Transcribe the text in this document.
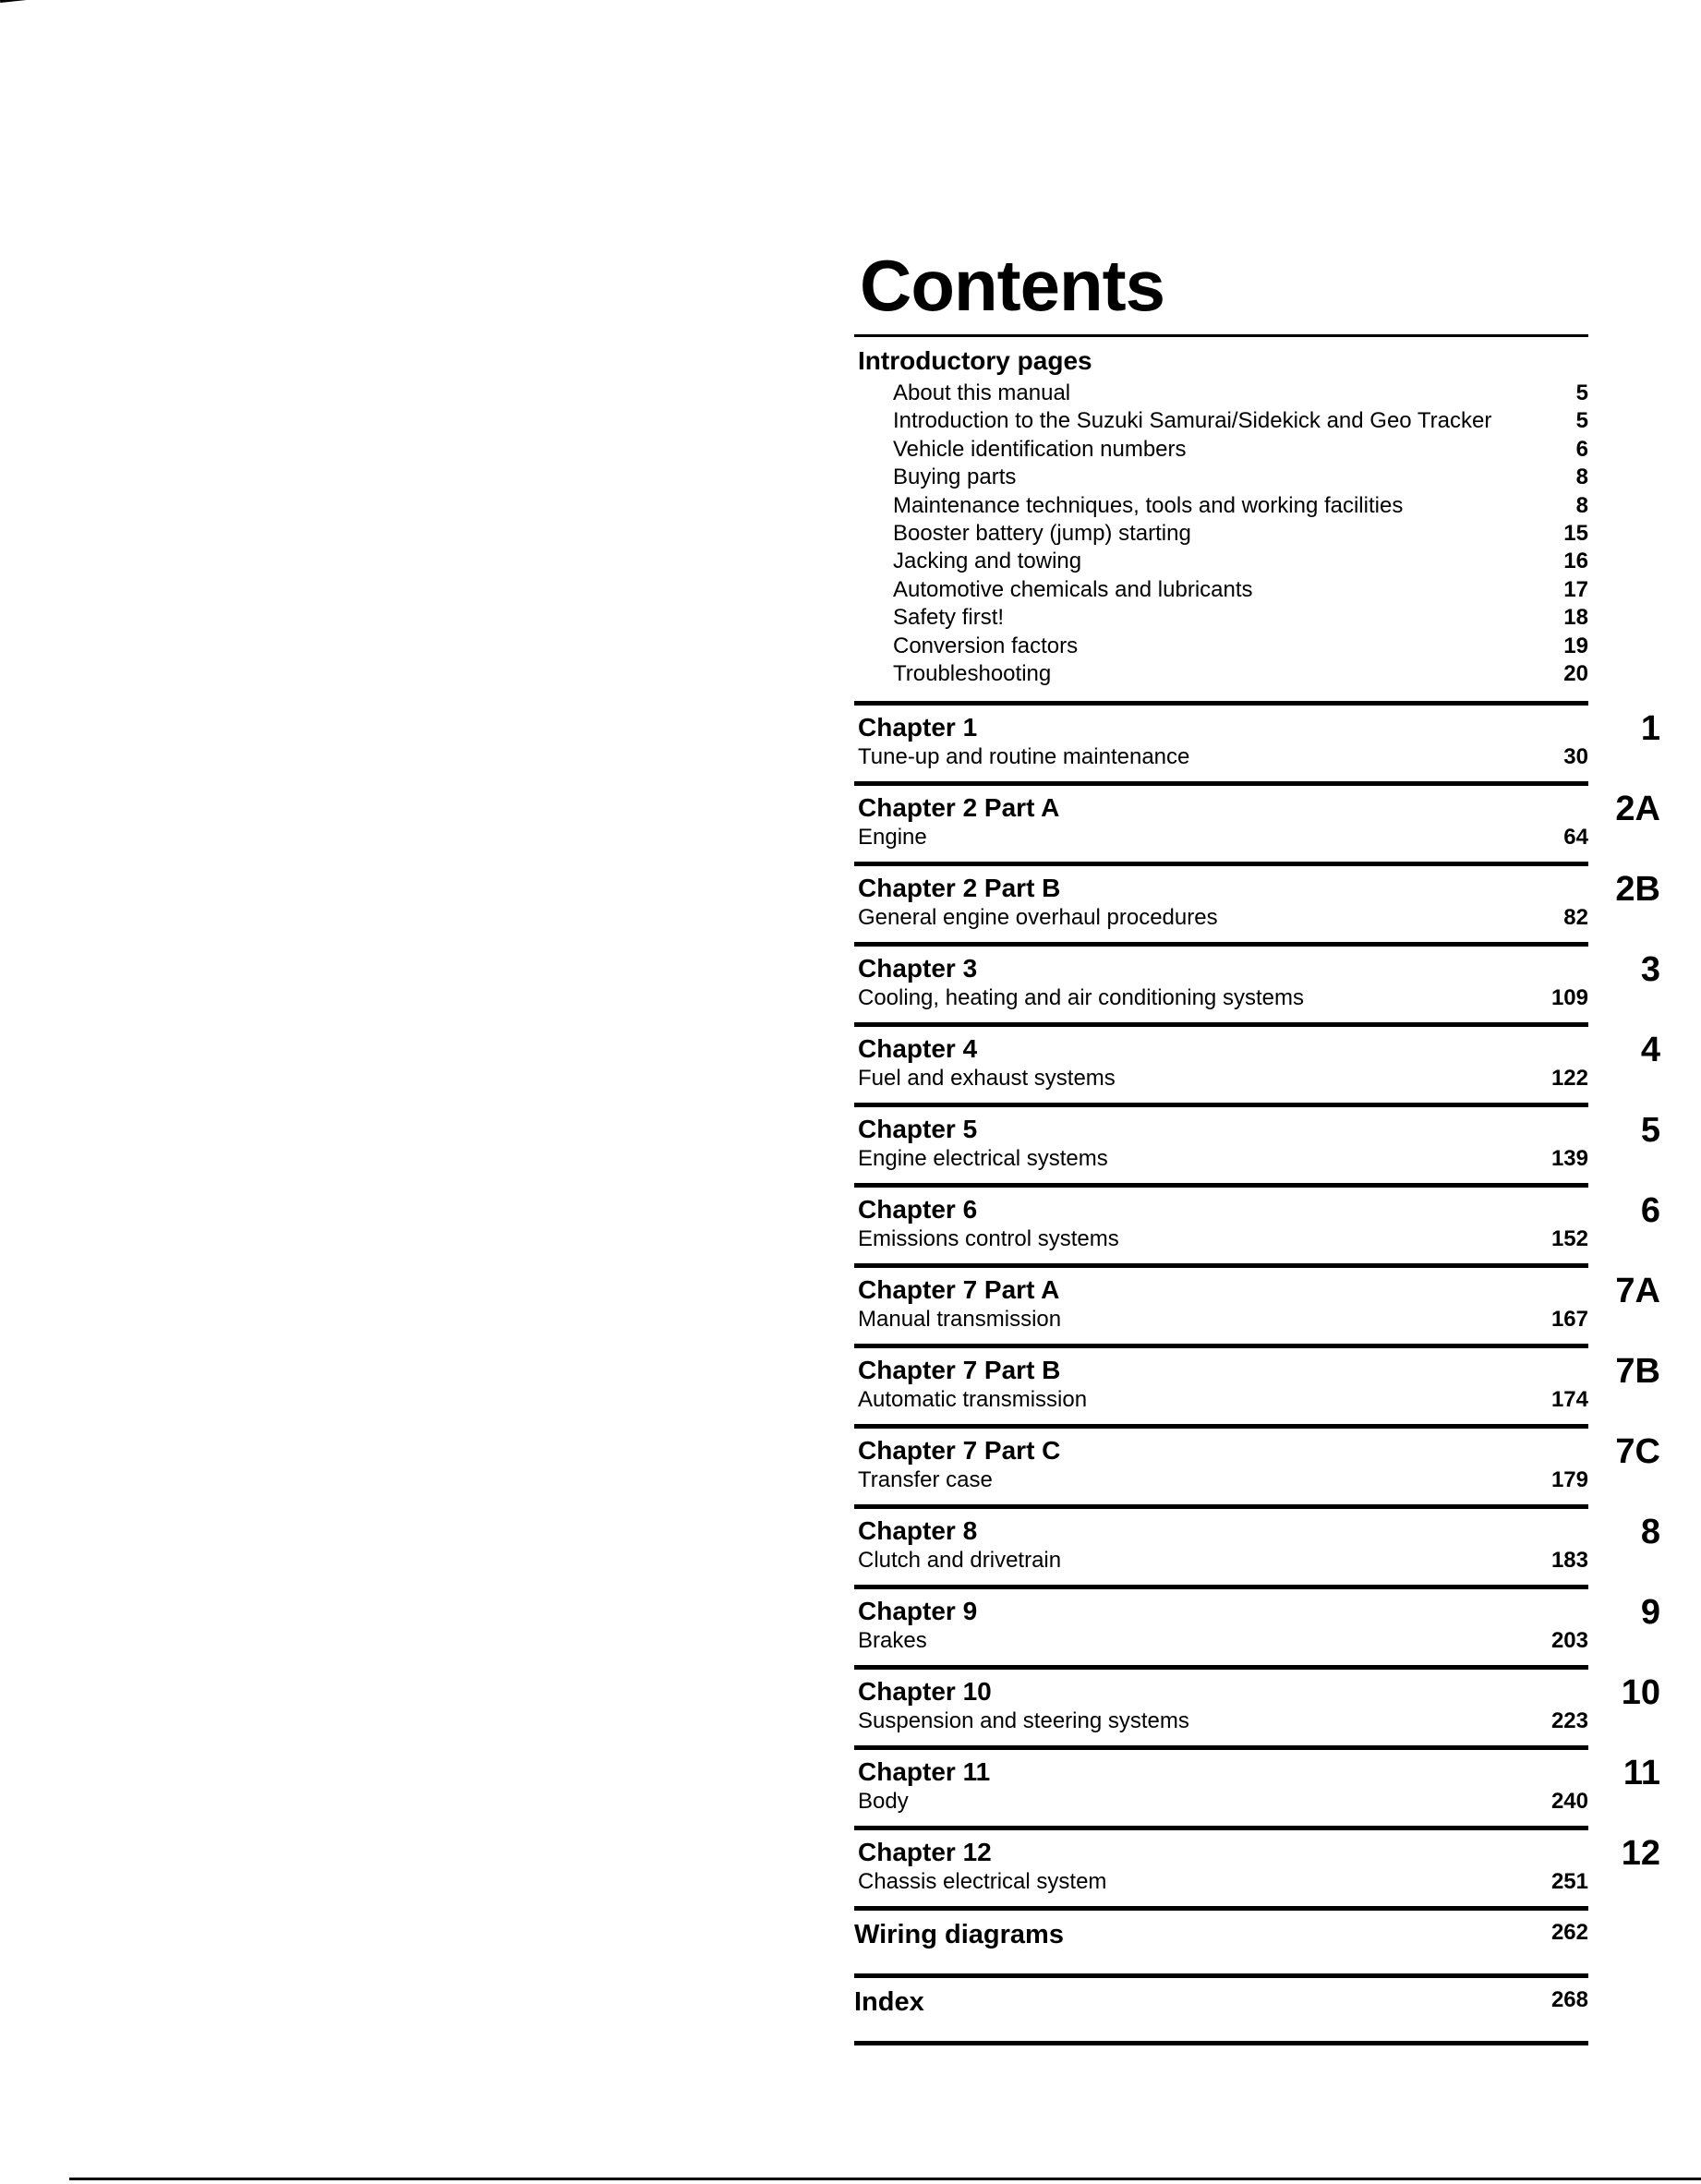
Contents
Introductory pages
About this manual	5
Introduction to the Suzuki Samurai/Sidekick and Geo Tracker	5
Vehicle identification numbers	6
Buying parts	8
Maintenance techniques, tools and working facilities	8
Booster battery (jump) starting	15
Jacking and towing	16
Automotive chemicals and lubricants	17
Safety first!	18
Conversion factors	19
Troubleshooting	20
Chapter 1
Tune-up and routine maintenance	30
1
Chapter 2 Part A
Engine	64
2A
Chapter 2 Part B
General engine overhaul procedures	82
2B
Chapter 3
Cooling, heating and air conditioning systems	109
3
Chapter 4
Fuel and exhaust systems	122
4
Chapter 5
Engine electrical systems	139
5
Chapter 6
Emissions control systems	152
6
Chapter 7 Part A
Manual transmission	167
7A
Chapter 7 Part B
Automatic transmission	174
7B
Chapter 7 Part C
Transfer case	179
7C
Chapter 8
Clutch and drivetrain	183
8
Chapter 9
Brakes	203
9
Chapter 10
Suspension and steering systems	223
10
Chapter 11
Body	240
11
Chapter 12
Chassis electrical system	251
12
Wiring diagrams	262
Index	268
